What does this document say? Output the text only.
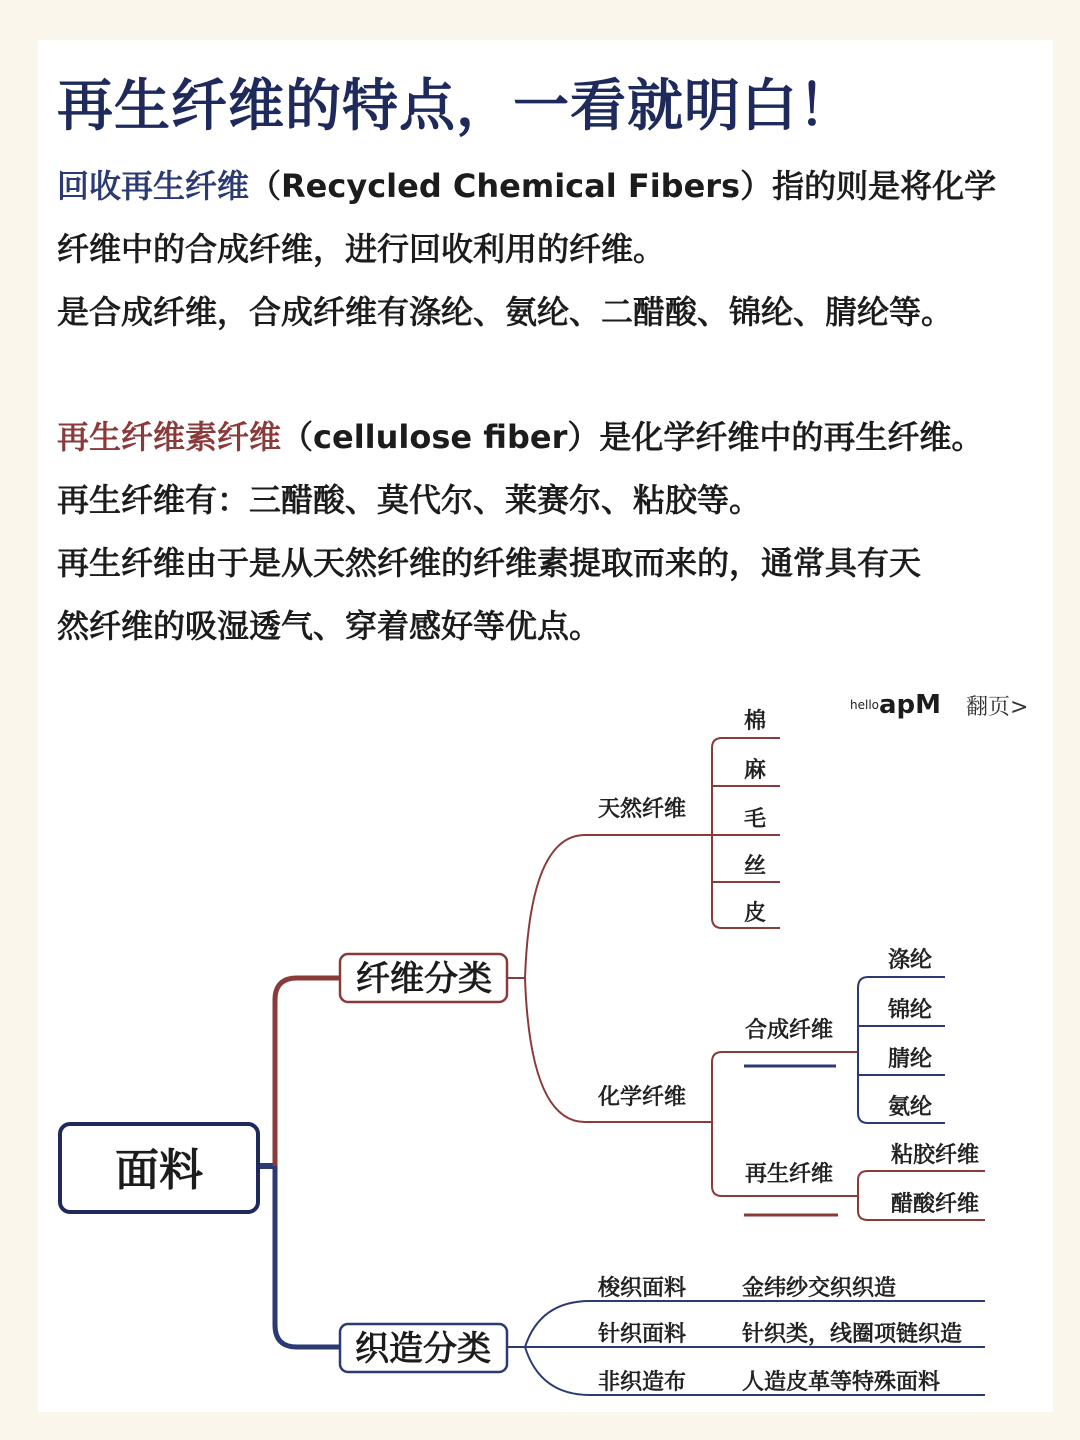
再生纤维的特点，一看就明白！
回收再生纤维（Recycled Chemical Fibers）指的则是将化学
纤维中的合成纤维，进行回收利用的纤维。
是合成纤维，合成纤维有涤纶、氨纶、二醋酸、锦纶、腈纶等。
再生纤维素纤维（cellulose fiber）是化学纤维中的再生纤维。
再生纤维有：三醋酸、莫代尔、莱赛尔、粘胶等。
再生纤维由于是从天然纤维的纤维素提取而来的，通常具有天
然纤维的吸湿透气、穿着感好等优点。
helloapM 翻页>
面料
纤维分类
织造分类
天然纤维
棉
麻
毛
丝
皮
化学纤维
合成纤维
再生纤维
涤纶
锦纶
腈纶
氨纶
粘胶纤维
醋酸纤维
梭织面料
针织面料
非织造布
金纬纱交织织造
针织类，线圈项链织造
人造皮革等特殊面料
